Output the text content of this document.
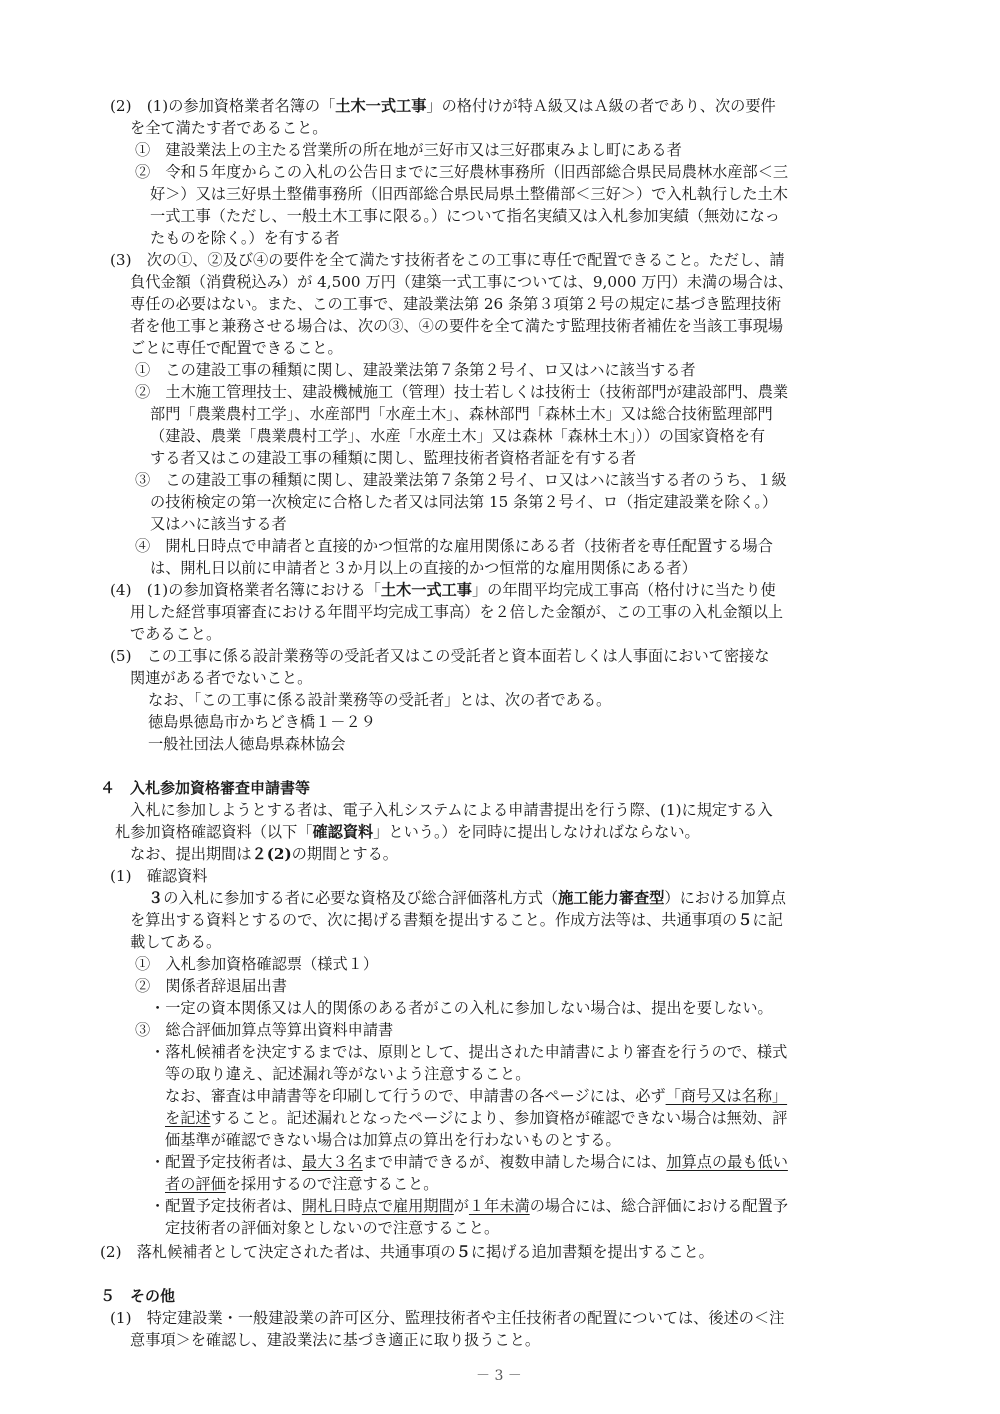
(2)　(1)の参加資格業者名簿の「土木一式工事」の格付けが特Ａ級又はＡ級の者であり、次の要件
を全て満たす者であること。
①　建設業法上の主たる営業所の所在地が三好市又は三好郡東みよし町にある者
②　令和５年度からこの入札の公告日までに三好農林事務所（旧西部総合県民局農林水産部＜三
好＞）又は三好県土整備事務所（旧西部総合県民局県土整備部＜三好＞）で入札執行した土木
一式工事（ただし、一般土木工事に限る。）について指名実績又は入札参加実績（無効になっ
たものを除く。）を有する者
(3)　次の①、②及び④の要件を全て満たす技術者をこの工事に専任で配置できること。ただし、請
負代金額（消費税込み）が 4,500 万円（建築一式工事については、9,000 万円）未満の場合は、
専任の必要はない。また、この工事で、建設業法第 26 条第３項第２号の規定に基づき監理技術
者を他工事と兼務させる場合は、次の③、④の要件を全て満たす監理技術者補佐を当該工事現場
ごとに専任で配置できること。
①　この建設工事の種類に関し、建設業法第７条第２号イ、ロ又はハに該当する者
②　土木施工管理技士、建設機械施工（管理）技士若しくは技術士（技術部門が建設部門、農業
部門「農業農村工学」、水産部門「水産土木」、森林部門「森林土木」又は総合技術監理部門
（建設、農業「農業農村工学」、水産「水産土木」又は森林「森林土木」））の国家資格を有
する者又はこの建設工事の種類に関し、監理技術者資格者証を有する者
③　この建設工事の種類に関し、建設業法第７条第２号イ、ロ又はハに該当する者のうち、１級
の技術検定の第一次検定に合格した者又は同法第 15 条第２号イ、ロ（指定建設業を除く。）
又はハに該当する者
④　開札日時点で申請者と直接的かつ恒常的な雇用関係にある者（技術者を専任配置する場合
は、開札日以前に申請者と３か月以上の直接的かつ恒常的な雇用関係にある者）
(4)　(1)の参加資格業者名簿における「土木一式工事」の年間平均完成工事高（格付けに当たり使
用した経営事項審査における年間平均完成工事高）を２倍した金額が、この工事の入札金額以上
であること。
(5)　この工事に係る設計業務等の受託者又はこの受託者と資本面若しくは人事面において密接な
関連がある者でないこと。
なお、「この工事に係る設計業務等の受託者」とは、次の者である。
徳島県徳島市かちどき橋１－２９
一般社団法人徳島県森林協会
４　入札参加資格審査申請書等
入札に参加しようとする者は、電子入札システムによる申請書提出を行う際、(1)に規定する入
札参加資格確認資料（以下「確認資料」という。）を同時に提出しなければならない。
なお、提出期間は２(2)の期間とする。
(1)　確認資料
３の入札に参加する者に必要な資格及び総合評価落札方式（施工能力審査型）における加算点
を算出する資料とするので、次に掲げる書類を提出すること。作成方法等は、共通事項の５に記
載してある。
①　入札参加資格確認票（様式１）
②　関係者辞退届出書
・一定の資本関係又は人的関係のある者がこの入札に参加しない場合は、提出を要しない。
③　総合評価加算点等算出資料申請書
・落札候補者を決定するまでは、原則として、提出された申請書により審査を行うので、様式
等の取り違え、記述漏れ等がないよう注意すること。
なお、審査は申請書等を印刷して行うので、申請書の各ページには、必ず「商号又は名称」
を記述すること。記述漏れとなったページにより、参加資格が確認できない場合は無効、評
価基準が確認できない場合は加算点の算出を行わないものとする。
・配置予定技術者は、最大３名まで申請できるが、複数申請した場合には、加算点の最も低い
者の評価を採用するので注意すること。
・配置予定技術者は、開札日時点で雇用期間が１年未満の場合には、総合評価における配置予
定技術者の評価対象としないので注意すること。
(2)　落札候補者として決定された者は、共通事項の５に掲げる追加書類を提出すること。
５　その他
(1)　特定建設業・一般建設業の許可区分、監理技術者や主任技術者の配置については、後述の＜注
意事項＞を確認し、建設業法に基づき適正に取り扱うこと。
－ 3 －
